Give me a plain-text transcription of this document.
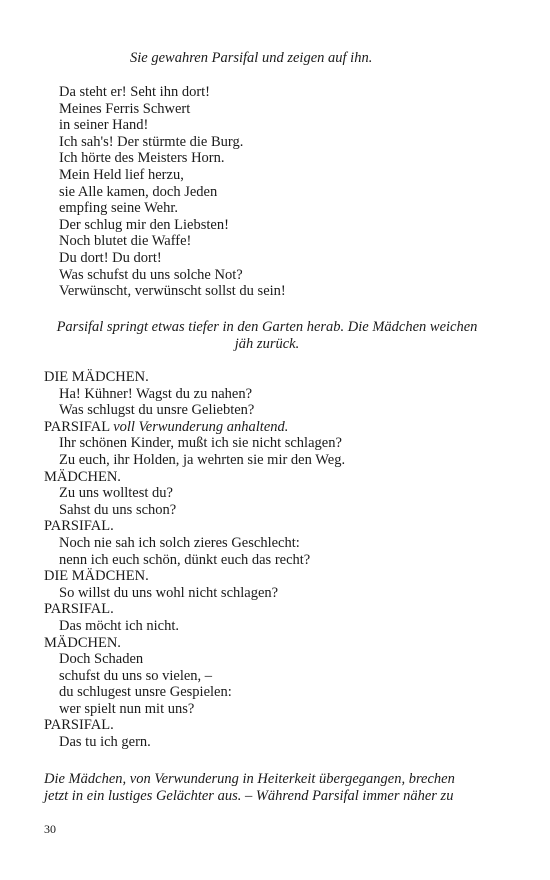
Sie gewahren Parsifal und zeigen auf ihn.
Da steht er! Seht ihn dort!
Meines Ferris Schwert
in seiner Hand!
Ich sah's! Der stürmte die Burg.
Ich hörte des Meisters Horn.
Mein Held lief herzu,
sie Alle kamen, doch Jeden
empfing seine Wehr.
Der schlug mir den Liebsten!
Noch blutet die Waffe!
Du dort! Du dort!
Was schufst du uns solche Not?
Verwünscht, verwünscht sollst du sein!
Parsifal springt etwas tiefer in den Garten herab. Die Mädchen weichen
jäh zurück.
DIE MÄDCHEN.
Ha! Kühner! Wagst du zu nahen?
Was schlugst du unsre Geliebten?
PARSIFAL voll Verwunderung anhaltend.
Ihr schönen Kinder, mußt ich sie nicht schlagen?
Zu euch, ihr Holden, ja wehrten sie mir den Weg.
MÄDCHEN.
Zu uns wolltest du?
Sahst du uns schon?
PARSIFAL.
Noch nie sah ich solch zieres Geschlecht:
nenn ich euch schön, dünkt euch das recht?
DIE MÄDCHEN.
So willst du uns wohl nicht schlagen?
PARSIFAL.
Das möcht ich nicht.
MÄDCHEN.
Doch Schaden
schufst du uns so vielen, –
du schlugest unsre Gespielen:
wer spielt nun mit uns?
PARSIFAL.
Das tu ich gern.
Die Mädchen, von Verwunderung in Heiterkeit übergegangen, brechen
jetzt in ein lustiges Gelächter aus. – Während Parsifal immer näher zu
30
